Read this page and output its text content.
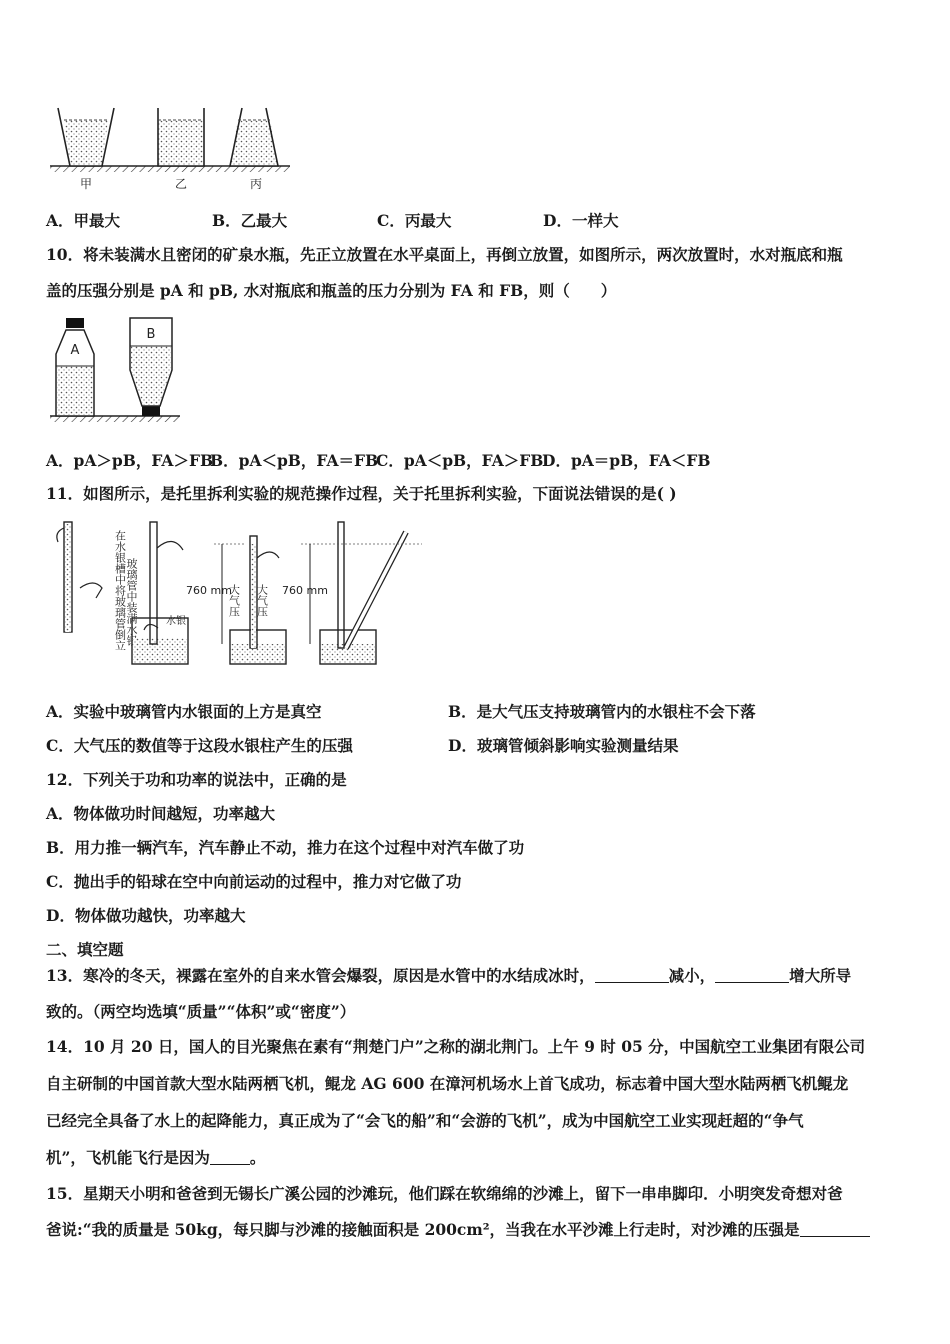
甲	乙	丙
A．甲最大	B．乙最大	C．丙最大	D．一样大
10．将未装满水且密闭的矿泉水瓶，先正立放置在水平桌面上，再倒立放置，如图所示，两次放置时，水对瓶底和瓶
盖的压强分别是 pA 和 pB, 水对瓶底和瓶盖的压力分别为 FA 和 FB，则（　　）
A
B
A．pA＞pB，FA＞FB
B．pA＜pB，FA＝FB
C．pA＜pB，FA＞FB
D．pA＝pB，FA＜FB
11．如图所示，是托里拆利实验的规范操作过程，关于托里拆利实验，下面说法错误的是( )
玻璃管中装满水银
在水银槽中将玻璃管倒立	水银
760 mm
大气压 大气压 760 mm
A．实验中玻璃管内水银面的上方是真空	B．是大气压支持玻璃管内的水银柱不会下落
C．大气压的数值等于这段水银柱产生的压强	D．玻璃管倾斜影响实验测量结果
12．下列关于功和功率的说法中，正确的是
A．物体做功时间越短，功率越大
B．用力推一辆汽车，汽车静止不动，推力在这个过程中对汽车做了功
C．抛出手的铅球在空中向前运动的过程中，推力对它做了功
D．物体做功越快，功率越大
二、填空题
13．寒冷的冬天，裸露在室外的自来水管会爆裂，原因是水管中的水结成冰时，	减小，	增大所导
致的。（两空均选填“质量”“体积”或“密度”）
14．10 月 20 日，国人的目光聚焦在素有“荆楚门户”之称的湖北荆门。上午 9 时 05 分，中国航空工业集团有限公司
自主研制的中国首款大型水陆两栖飞机，鲲龙 AG 600 在漳河机场水上首飞成功，标志着中国大型水陆两栖飞机鲲龙
已经完全具备了水上的起降能力，真正成为了“会飞的船”和“会游的飞机”，成为中国航空工业实现赶超的“争气
机”，飞机能飞行是因为	。
15．星期天小明和爸爸到无锡长广溪公园的沙滩玩，他们踩在软绵绵的沙滩上，留下一串串脚印．小明突发奇想对爸
爸说:“我的质量是 50kg，每只脚与沙滩的接触面积是 200cm²，当我在水平沙滩上行走时，对沙滩的压强是
